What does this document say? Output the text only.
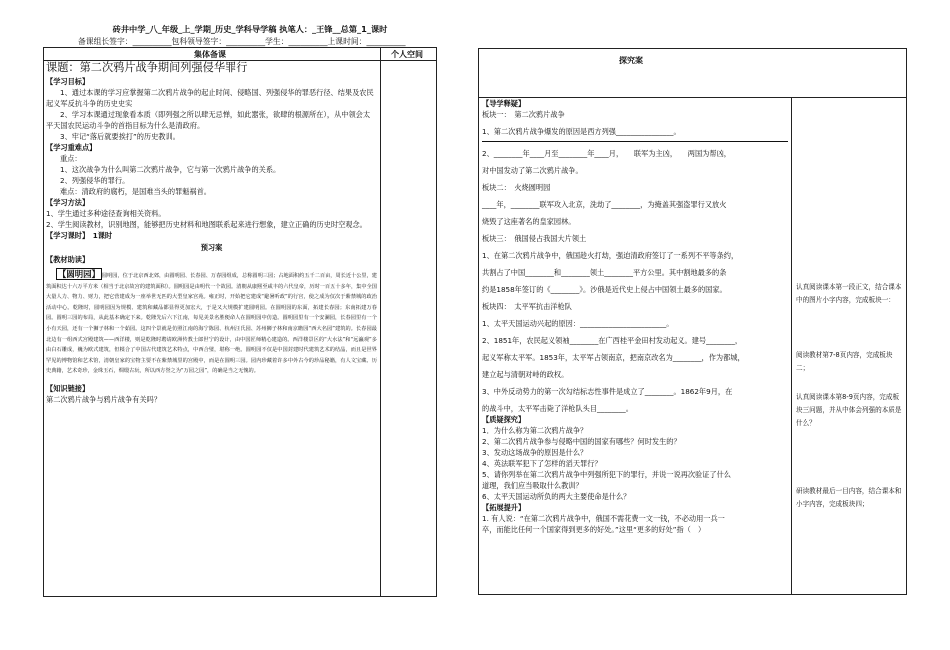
砖井中学_八_年级_上_学期_历史_学科导学稿 执笔人：_王锋__总第_1_课时
备课组长签字：__________包科领导签字：__________学生：__________上课时间：__________
集体备课	个人空间

课题：第二次鸦片战争期间列强侵华罪行

【学习目标】

1、通过本课的学习应掌握第二次鸦片战争的起止时间、侵略国、列强侵华的罪恶行径、结果及农民起义军反抗斗争的历史史实

2、学习本课通过现象看本质（即列强之所以肆无忌惮，如此嚣张，欲肆的根源所在），从中领会太平天国农民运动斗争的首指目标为什么是清政府。

3、牢记“落后就要挨打”的历史教训。

【学习重难点】

重点：

1、这次战争为什么叫第二次鸦片战争，它与第一次鸦片战争的关系。

2、列强侵华的罪行。

难点：清政府的腐朽，是国难当头的罪魁祸首。

【学习方法】

1、学生通过多种途径查询相关资料。

2、学生阅读教材，识别地图，能够把历史材料和地图联系起来进行想象，建立正确的历史时空观念。

【学习课时】　1课时

预习案

【教材助读】

【圆明园】 圆明园，位于北京西北郊，由圆明园、长春园、万春园组成，总称圆明三园；占地面积约五千二百亩，周长近十公里，建筑面积达十六万平方米（相当于北京故宫的建筑面积）。圆明园是由明代一个故园。清朝从康熙至咸丰的六代皇帝，历时一百五十多年，集中全国大量人力、物力、财力，把它营建成为一座举世无匹的大型皇家宫苑。雍正时，开始把它建成“避暑听政”的行宫，使之成为仅次于紫禁城的政治活动中心。乾隆时，圆明园因为规模、建筑和藏品都显得更加宏大，于是又大规模扩建圆明园。在圆明园的东面，拓建长春园；东南拓建万春园。圆明三园的布局，从此基本确定下来。乾隆先后六下江南，每见美景名胜便命人在圆明园中仿造。圆明园里有一个安澜园，长春园里有一个小有天园，还有一个狮子林和一个茹园。这四个景就是仿照江南的海宁陈园、杭州汪氏园、苏州狮子林和南京瞻园“西大名园”建筑的。长春园最北边有一组西式宫殿建筑——西洋楼，则是乾隆时聘请欧洲传教士郎世宁的设计，由中国匠师精心建造的。西洋楼景区的“大水法”和“远瀛观”多由白石雕成，巍为欧式建筑，但糅合了中国古代建筑艺术特点，中西合璧，堪称一绝。圆明园不仅是中国封建时代建筑艺术的结晶，而且是世界罕见的博物馆和艺术馆，清朝皇家的宝物主要不在紫禁城里的宫殿中，而是在圆明三园。园内珍藏着许多中外古今的珍品秘籍，有人文宝藏、历史典籍，艺术奇珍，金珠玉石，绸缎古玩，所以西方誉之为“万园之园”，的确是当之无愧的。

【知识链接】

第二次鸦片战争与鸦片战争有关吗？

探究案

【导学释疑】

板块一：　第二次鸦片战争

1、第二次鸦片战争爆发的原因是西方列强________________。

2、________年____月至________年____月，　　联军为主凶，　　两国为帮凶，

对中国发动了第二次鸦片战争。

板块二：　火烧圆明园

____年，________联军攻入北京，洗劫了________，为掩盖其强盗罪行又放火

烧毁了这座著名的皇家园林。

板块三：　俄国侵占我国大片领土

1、在第二次鸦片战争中，俄国趁火打劫，强迫清政府签订了一系列不平等条约，

共割占了中国________和________领土________平方公里。其中割地最多的条

约是1858年签订的《________》。沙俄是近代史上侵占中国领土最多的国家。

板块四：　太平军抗击洋枪队

1、太平天国运动兴起的原因：________________________。

2、1851年，农民起义领袖________在广西桂平金田村发动起义。建号________，

起义军称太平军。1853年，太平军占领南京，把南京改名为________，作为都城，

建立起与清朝对峙的政权。

3、中外反动势力的第一次勾结标志性事件是成立了________。1862年9月，在

的战斗中，太平军击毙了洋枪队头目________。

【质疑探究】

1．为什么称为第二次鸦片战争？

2、第二次鸦片战争参与侵略中国的国家有哪些？何时发生的？

3、发动这场战争的原因是什么？

4、英法联军犯下了怎样的滔天罪行？

5、请你列举在第二次鸦片战争中列强所犯下的罪行，并说一说再次验证了什么

道理，我们应当吸取什么教训？

6、太平天国运动所负的两大主要使命是什么？

【拓展提升】

1. 有人说：“在第二次鸦片战争中，俄国不需花费一文一钱，不必动用一兵一

卒，而能比任何一个国家得到更多的好处。”这里“更多的好处”指（　）

认真阅读课本第一段正文，结合课本中的图片小字内容，完成板块一：
阅读教材第7-8页内容，完成板块二；
认真阅读课本第8-9页内容，完成板块三问题，并从中体会列强的本质是什么？
研读教材最后一目内容，结合课本和小字内容，完成板块四；
